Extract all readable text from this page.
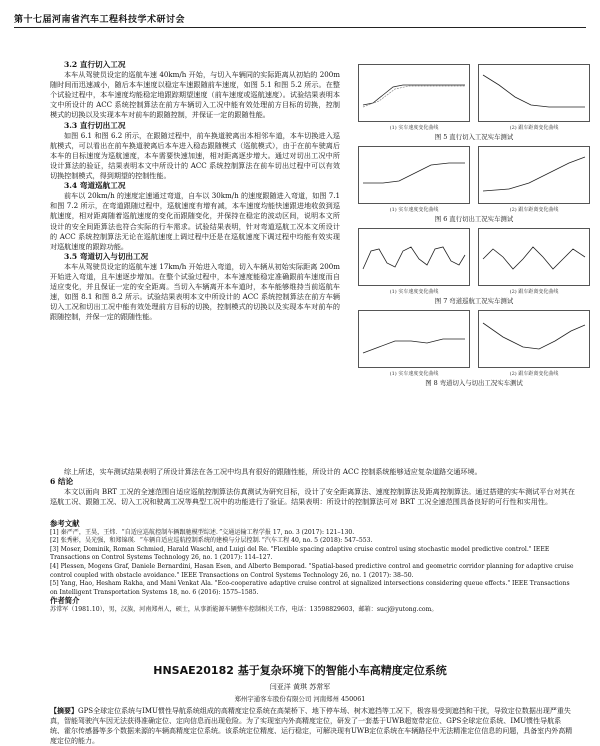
第十七届河南省汽车工程科技学术研讨会

3.2 直行切入工况

本车从驾驶员设定的巡航车速 40km/h 开始，与切入车辆同的实际距离从初始的 200m 随时间而迅速减小，随后本车速度以稳定车速跟随前车速度，如图 5.1 和图 5.2 所示。在整个试验过程中，本车速度均能稳定地跟踪期望速度（前车速度或巡航速度）。试验结果表明本文中所设计的 ACC 系统控制算法在前方车辆切入工况中能有效处理前方目标的切换，控制模式的切换以及实现本车对前车的跟随控制，并保证一定的跟随性能。

3.3 直行切出工况

如图 6.1 和图 6.2 所示，在跟随过程中，前车换道驶离出本相邻车道，本车切换进入巡航模式，可以看出在前车换道驶离后本车进入稳态跟随模式（巡航模式），由于在前车驶离后本车的目标速度为巡航速度，本车需要快速加速，相对距离逐步增大。通过对切出工况中所设计算法的验证，结果表明本文中所设计的 ACC 系统控制算法在前车切出过程中可以有效切换控制模式，得到期望的控制性能。

3.4 弯道巡航工况

前车以 20km/h 的速度定速通过弯道，自车以 30km/h 的速度跟随进入弯道，如图 7.1 和图 7.2 所示，在弯道跟随过程中，巡航速度有增有减，本车速度均能快速跟进地收敛到巡航速度，相对距离随着巡航速度的变化而跟随变化，并保持在稳定的波动区间，说明本文所设计的安全间距算法也符合实际的行车需求。试验结果表明，针对弯道巡航工况本文所设计的 ACC 系统控制算法无论在巡航速度上调过程中还是在巡航速度下调过程中均能有效实现对巡航速度的跟踪功能。

3.5 弯道切入与切出工况

本车从驾驶员设定的巡航车速 17km/h 开始进入弯道，切入车辆从初始实际距离 200m 开始进入弯道，且车速逐步增加。在整个试验过程中，本车速度能稳定准确跟前车速度而自适应变化，并且保证一定的安全距离。当切入车辆离开本车道时，本车能够维持当前巡航车速，如图 8.1 和图 8.2 所示。试验结果表明本文中所设计的 ACC 系统控制算法在前方车辆切入工况和切出工况中能有效处理前方目标的切换，控制模式的切换以及实现本车对前车的跟随控制，并保一定的跟随性能。

(1) 实车速度变化曲线	(2) 跟车距离变化曲线
图 5 直行切入工况实车测试
(1) 实车速度变化曲线	(2) 跟车距离变化曲线
图 6 直行切出工况实车测试
(1) 实车速度变化曲线	(2) 跟车距离变化曲线
图 7 弯道巡航工况实车测试
(1) 实车速度变化曲线	(2) 跟车距离变化曲线
图 8 弯道切入与切出工况实车测试

综上所述，实车测试结果表明了所设计算法在各工况中均具有很好的跟随性能，所设计的 ACC 控制系统能够适应复杂道路交通环境。

6 结论

本文以面向 BRT 工况的全速范围自适应巡航控制算法仿真测试为研究目标，设计了安全距离算法、速度控制算法及距离控制算法。通过搭建的实车测试平台对其在巡航工况、跟随工况、切入工况和驶离工况等典型工况中的功能进行了验证。结果表明：所设计的控制算法可对 BRT 工况全速范围具备良好的可行性和实用性。

参考文献

[1] 秦严严，王昊，王炜．“自适应巡航控制车辆跟驰模型综述．”交通运输工程学报 17, no. 3 (2017): 121–130.

[2] 张秀彬，吴光强，和郑锦瑛．“车辆自适应巡航控制系统的建模与分层控制．”汽车工程 40, no. 5 (2018): 547–553.

[3] Moser, Dominik, Roman Schmied, Harald Waschl, and Luigi del Re. "Flexible spacing adaptive cruise control using stochastic model predictive control." IEEE Transactions on Control Systems Technology 26, no. 1 (2017): 114–127.

[4] Plessen, Mogens Graf, Daniele Bernardini, Hasan Esen, and Alberto Bemporad. "Spatial-based predictive control and geometric corridor planning for adaptive cruise control coupled with obstacle avoidance." IEEE Transactions on Control Systems Technology 26, no. 1 (2017): 38–50.

[5] Yang, Hao, Hesham Rakha, and Mani Venkat Ala. "Eco-cooperative adaptive cruise control at signalized intersections considering queue effects." IEEE Transactions on Intelligent Transportation Systems 18, no. 6 (2016): 1575–1585.

作者简介

苏常军（1981.10），男，汉族，河南郑州人，硕士，从事新能源车辆整车控制相关工作，电话：13598829603，邮箱：sucj@yutong.com。

HNSAE20182 基于复杂环境下的智能小车高精度定位系统
闫亚洋 黄琪 苏常军
郑州宇通客车股份有限公司 河南郑州 450061

【摘要】GPS全球定位系统与IMU惯性导航系统组成的高精度定位系统在高架桥下、地下停车场、树木遮挡等工况下，极容易受到遮挡和干扰，导致定位数据出现严重失真，智能驾驶汽车因无法获得准确定位、定向信息而出现危险。为了实现室内外高精度定位，研发了一套基于UWB超宽带定位、GPS全球定位系统、IMU惯性导航系统、霍尔传感器等多个数据来源的车辆高精度定位系统。该系统定位精度、运行稳定，可解决现有UWB定位系统在车辆路径中无法精准定位信息的问题，具备室内外高精度定位的能力。
